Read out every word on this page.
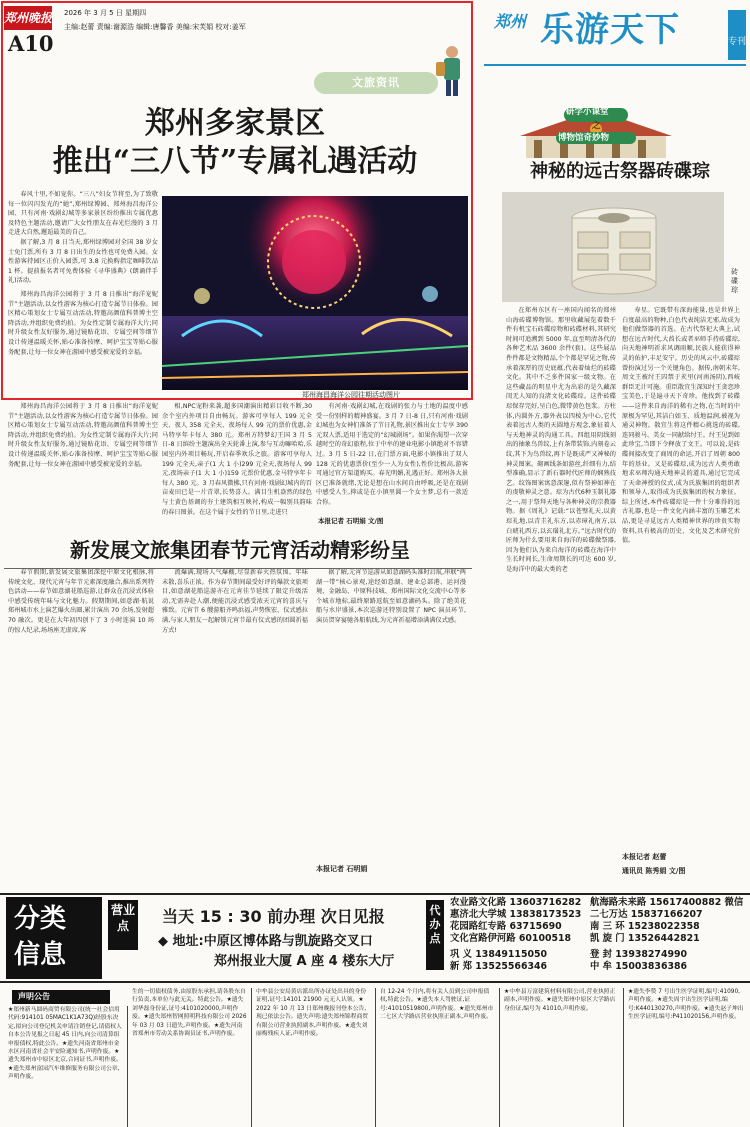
郑州晚报
A10
2026 年 3 月 5 日 星期四
主编:赵蕾 责编:谢源浩 编辑:唐馨香 美编:宋芙娟 校对:姜军	郑州 乐游天下	专刊
文旅资讯
郑州多家景区
推出“三八节”专属礼遇活动

春风十里,不如宠你。“三八”妇女节将至,为了致敬每一位闪闪发光的“她”,郑州绿博园、郑州海昌海洋公园、只有河南·戏剧幻城等多家景区纷纷推出专属优惠及特色主题活动,邀请广大女性朋友在春光烂漫的 3 月走进大自然,邂逅最美的自己。

据了解,3 月 8 日当天,郑州绿博园对全国 38 岁女士免门票,所有 3 月 8 日出生的女性也可免费入园。女性游客持园区正价入园票,可 3.8 元换购指定咖啡饮品 1 杯。提前报名者可免费体验《寻华盛典》(朗诵伴手礼)活动。

郑州海昌海洋公园往期活动图片

郑州海昌海洋公园将于 3 月 8 日推出“海洋宠妮节”主题活动,以女性游客为核心打造专属节日体验。园区精心策划女士专属互动活动,特邀高颜值科普博主空降活动,并组织免费约拍。为女性定制专属海洋大片;同时升级女性友好服务,通过镜贴花语、专属空间等细节设计传递温暖关怀,贴心准备按摩、呵护宝宝等贴心服务配套,让每一位女神在游园中感受被宠爱的幸福。

郑州海昌海洋公园将于 3 月 8 日推出“海洋宠妮节”主题活动,以女性游客为核心打造专属节日体验。园区精心策划女士专属互动活动,特邀高颜值科普博主空降活动,并组织免费约拍。为女性定制专属海洋大片;同时升级女性友好服务,通过镜贴花语、专属空间等细节设计传递温暖关怀,贴心准备按摩、呵护宝宝等贴心服务配套,让每一位女神在游园中感受被宠爱的幸福。

研学小课堂
之
博物馆奇妙物
神秘的远古祭器砖碟琮
砖碟琮

在郑州东区有一座国内闻名的郑州山海砖碟博物馆。那里收藏展览着数千件有机宝石砖碟琮物和砖碟材料,其研究时间可追溯到 5000 年,直至明清各代的各种艺术品 3600 余件(套)。这些展品件件都是文物精品,个个都是罕见之物,传承着深厚的历史底蕴,代表着灿烂的砖碟文化。其中不乏多件国家一级文物。在这些藏品的明星中尤为出彩的是久藏深闺无人知的良渚文化砖碟琮。这件砖碟琮保存完好,呈白色,微带黄色包浆。方柱体,内圆外方,器外表以四棱为中心,它代表着远古人类的天圆地方观念,象征着人与天地神灵的沟通工具。四组用阴线刻出的抽象鸟兽纹,上有条带装饰,内刻卷云纹,其下为鸟兽纹,再下是既成严又神秘的神灵图案。砌画线条如游丝,纤细有力,结型准确,显示了新石器时代匠师的娴熟技艺。纹饰图案寓意深邃,似有祭神如神在的虔敬神灵之意。琮为古代6种玉制礼器之一,用于祭拜天地与各种神灵的宗教器物。据《周礼》记载:“以苍璧礼天,以黄琮礼地,以青圭礼东方,以赤璋礼南方,以白琥礼西方,以玄璜礼北方。”远古时代的匠师为什么要用来自海洋的砖碟做祭器,因为他们认为来自海洋的砖碟在海洋中生长时间长,生命周期长的可达 600 岁,是海洋中的最大类的老

寿星。它既带有深海能量,也是世界上白度最高的物种,白色代表纯洁无邪,故成为他们做祭器的首选。在古代祭祀大典上,试想在远古时代,大酋长或者巫师手持砖碟琮,向天地神明祈求风调雨顺,民族人能获得神灵的佑护,丰足安宁。历史的风云中,砖碟琮曾扮演过另一个关键角色。据传,南朝末年,周文王被纣王囚禁于羑里(河南汤阴),西岐群臣无计可施。重臣散宜生深知纣王贪恋珍宝美色,于是遍寻天下奇珍。他找到了砖碟——这件来自海洋的稀有之物,在当时的中原极为罕见,其洁白如玉、质地温润,被视为通灵神物。散宜生将这件精心挑选的砖碟,连同骏马、美女一同献给纣王。纣王见到如此珍宝,当即下令释放了文王。可以说,是砖碟间接改变了商周的命运,开启了周朝 800 年的基业。又是砖碟琮,成为远古人类勇敢地求巫师沟通天地神灵的道具,通过它完成了天命神授的仪式,成为氏族集团的组织者和领导人,取得成为氏族集团的权力象征。综上所述,本件砖碟琮是一件十分难得的远古礼器,也是一件文化内涵丰富的玉雕艺术品,更是寻觅远古人类精神世界的珍贵实物资料,具有极高的历史、文化及艺术研究价值。

本报记者 赵蕾
通讯员 陈秀娟 文/图
新发展文旅集团春节元宵活动精彩纷呈

春节假期,新发展文旅集团深挖中原文化根脉,将传统文化、现代元宵与年节元素深度融合,推出系列特色活动——春节如意湖花船巡游,让群众在沉浸式体验中感受传统年味与文化魅力。假期期间,如意湖·航说郑州城市水上演艺爆火出圈,累计演出 70 余场,发射超 70 融次。更是在大年初四创下了 3 小时连演 10 场的惊人纪录,场场座无虚席,客

流爆满,现场人气爆棚,尽显新春火热氛围。年味未散,喜乐正浓。作为春节期间最受好评的爆款文旅项目,如意湖花船巡游亦在元宵佳节延续了限定升级活动,无需奔赴人潮,便能沉浸式感受浓天元宵的喜庆与雅致。元宵节 6 艘游船齐鸣浜福,声势恢宏、仪式感拉满,与家人朋友一起解锁元宵节最有仪式感的团圆祈福方式!

据了解,元宵节巡游从如意湖码头准时启航,串联“两湖一带”核心景观,途经如意湖、建业总部港、运河漫境、金融岛、中原科技城、郑州国际文化交流中心等多个城市地标,最终原路返航至如意湖码头。除了绝美花船与水岸盛景,本次巡游还特别设置了 NPC 演员环节,演员贺穿宴驰各船航线,为元宵祈福增添满满仪式感。

本报记者 石明娟
分类
信息
营业点	当天 15 : 30 前办理 次日见报
◆ 地址:中原区博体路与凯旋路交叉口
郑州报业大厦 A 座 4 楼东大厅
代办点
农业路文化路 13603716282 航海路未来路 15617400882 微信
惠济北大学城 13838173523 二七万达 15837166207
花园路红专路 63715690	南 三 环 15238022358
文化宫路伊河路 60100518	凯 旋 门 13526442821
巩 义 13849115050	登 封 13938274990
新 郑 13525566346	中 牟 15003836386
声明公告
★郑州新马圆码商贸有限公司(统一社会信用代码:914101 05MAC1K1A73Q)经股东决定,拟向公司登记机关申请注销登记,请债权人自本公告见报之日起 45 日内,向公司清算组申报债权,特此公告。★遗失河南省郑州市金水区河南省社会平安险通知书,声明作废。★遗失郑州市中原区北京,合同证书,声明作废。★遗失郑州富园汽车维修服务有限公司公章,声明作废。
生的一切债权债务,由原股东承担,请各股东自行负责,本单位与此无关。特此公告。★遗失刘华磊身份证,证号:4101020000,声明作废。★遗失郑州智网照明科技有限公司 2026 年 03 月 03 日遗失,声明作废。★遗失河南省郑州市劳动关系协调员证书,声明作废。
中牟县公安局黄店派出所办证处出具的身份证明,证号:14101 21900 元无人认领。★ 2022 年 10 月 13 日郑州晚报刊登本公告,现已依法公告。遗失声明:遗失郑州锦程商贸有限公司营业执照副本,声明作废。★遗失刘丽梅残疾人证,声明作废。
自 12-24 个月内,将有关人员到公司申报债权,特此公告。★遗失本人驾驶证,证号:41010519800,声明作废。★遗失郑州市二七区大学路店营业执照正副本,声明作废。
★中牟县万富建筑材料有限公司,营业执照正副本,声明作废。★遗失郑州中原区大学路店身份证,编号为 41010,声明作废。
★遗失李赞 7 号出生医学证明,编号:41090,声明作废。★遗失周宇出生医学证明,编号:K440130270,声明作废。★遗失赵子坤出生医学证明,编号:P411020156,声明作废。

相,NPC宠粉来袭,超多国潮演出精彩目收不断,30 余个室内外项目自由畅玩。游客可享每人 199 元全天、夜人 358 元全天、夜场每人 99 元的票价优惠,金马特享年卡每人 380 元。郑州方特梦幻王国 3 月 5 日-8 日缤纷主题演出全天轮番上演,参与互动嘛哈哈,乐园室内外项目畅玩,开启春季欢乐之旅。游客可享每人 199 元全天,亲子(1 大 1 小)299 元全天,夜场每人 99 元,夜场亲子(1 大 1 小)159 元票价优惠,金马特享年卡每人 380 元。3 月春风微拂,只有河南·戏剧幻城内的百亩麦田已是一片青翠,长势喜人。满目生机盎然的绿色与土黄色基调的夯土建筑相互映衬,构成一幅别具韵味的春日图景。在这个属于女性的节日里,走进只

有河南·戏剧幻城,在戏剧的张力与土地的温度中感受一份别样的精神盛宴。3 月 7 日-8 日,只有河南·戏剧幻城也为女神们准备了节日礼物,景区推出女士专享 390 元双人票,适用于选定的“幻城剧场”。如果你渴望一次穿越时空的奇幻旅程,位于中牟的建业电影小镇绝对不容错过。3 月 5 日-22 日,在门票方面,电影小镇推出了双人 128 元的优惠票价(至少一人为女性),性价比极高,游客可通过官方渠道购买。春光明媚,礼遇正好。郑州各大景区已准备就绪,无论是想在山水间自由呼吸,还是在戏剧中感受人生,抑或是在小镇里圆一个女主梦,总有一款适合你。

本报记者 石明娟 文/图
